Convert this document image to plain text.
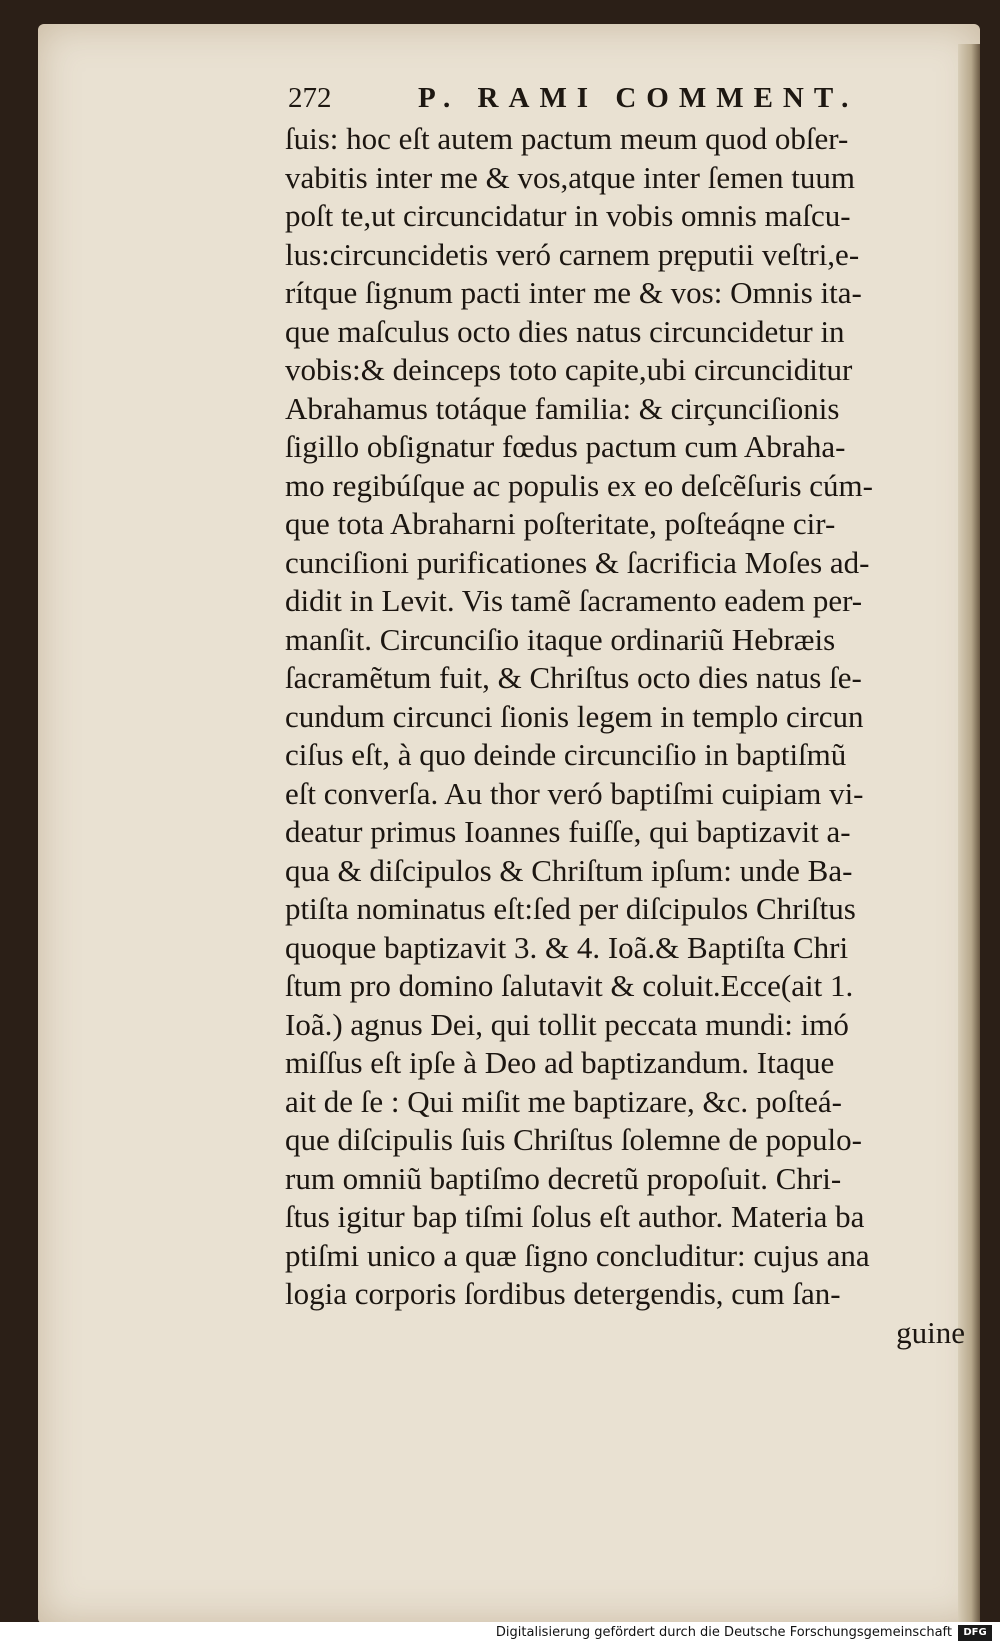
272	P. RAMI COMMENT.
ſuis: hoc eſt autem pactum meum quod obſer-
vabitis inter me & vos,atque inter ſemen tuum
poſt te,ut circuncidatur in vobis omnis maſcu-
lus:circuncidetis veró carnem pręputii veſtri,e-
rítque ſignum pacti inter me & vos: Omnis ita-
que maſculus octo dies natus circuncidetur in
vobis:& deinceps toto capite,ubi circunciditur
Abrahamus totáque familia: & cirçunciſionis
ſigillo obſignatur fœdus pactum cum Abraha-
mo regibúſque ac populis ex eo deſcẽſuris cúm-
que tota Abraharni poſteritate, poſteáqne cir-
cunciſioni purificationes & ſacrificia Moſes ad-
didit in Levit. Vis tamẽ ſacramento eadem per-
manſit. Circunciſio itaque ordinariũ Hebræis
ſacramẽtum fuit, & Chriſtus octo dies natus ſe-
cundum circunci ſionis legem in templo circun
ciſus eſt, à quo deinde circunciſio in baptiſmũ
eſt converſa. Au thor veró baptiſmi cuipiam vi-
deatur primus Ioannes fuiſſe, qui baptizavit a-
qua & diſcipulos & Chriſtum ipſum: unde Ba-
ptiſta nominatus eſt:ſed per diſcipulos Chriſtus
quoque baptizavit 3. & 4. Ioã.& Baptiſta Chri
ſtum pro domino ſalutavit & coluit.Ecce(ait 1.
Ioã.) agnus Dei, qui tollit peccata mundi: imó
miſſus eſt ipſe à Deo ad baptizandum. Itaque
ait de ſe : Qui miſit me baptizare, &c. poſteá-
que diſcipulis ſuis Chriſtus ſolemne de populo-
rum omniũ baptiſmo decretũ propoſuit. Chri-
ſtus igitur bap tiſmi ſolus eſt author. Materia ba
ptiſmi unico a quæ ſigno concluditur: cujus ana
logia corporis ſordibus detergendis, cum ſan-
guine
Digitalisierung gefördert durch die Deutsche Forschungsgemeinschaft	DFG
